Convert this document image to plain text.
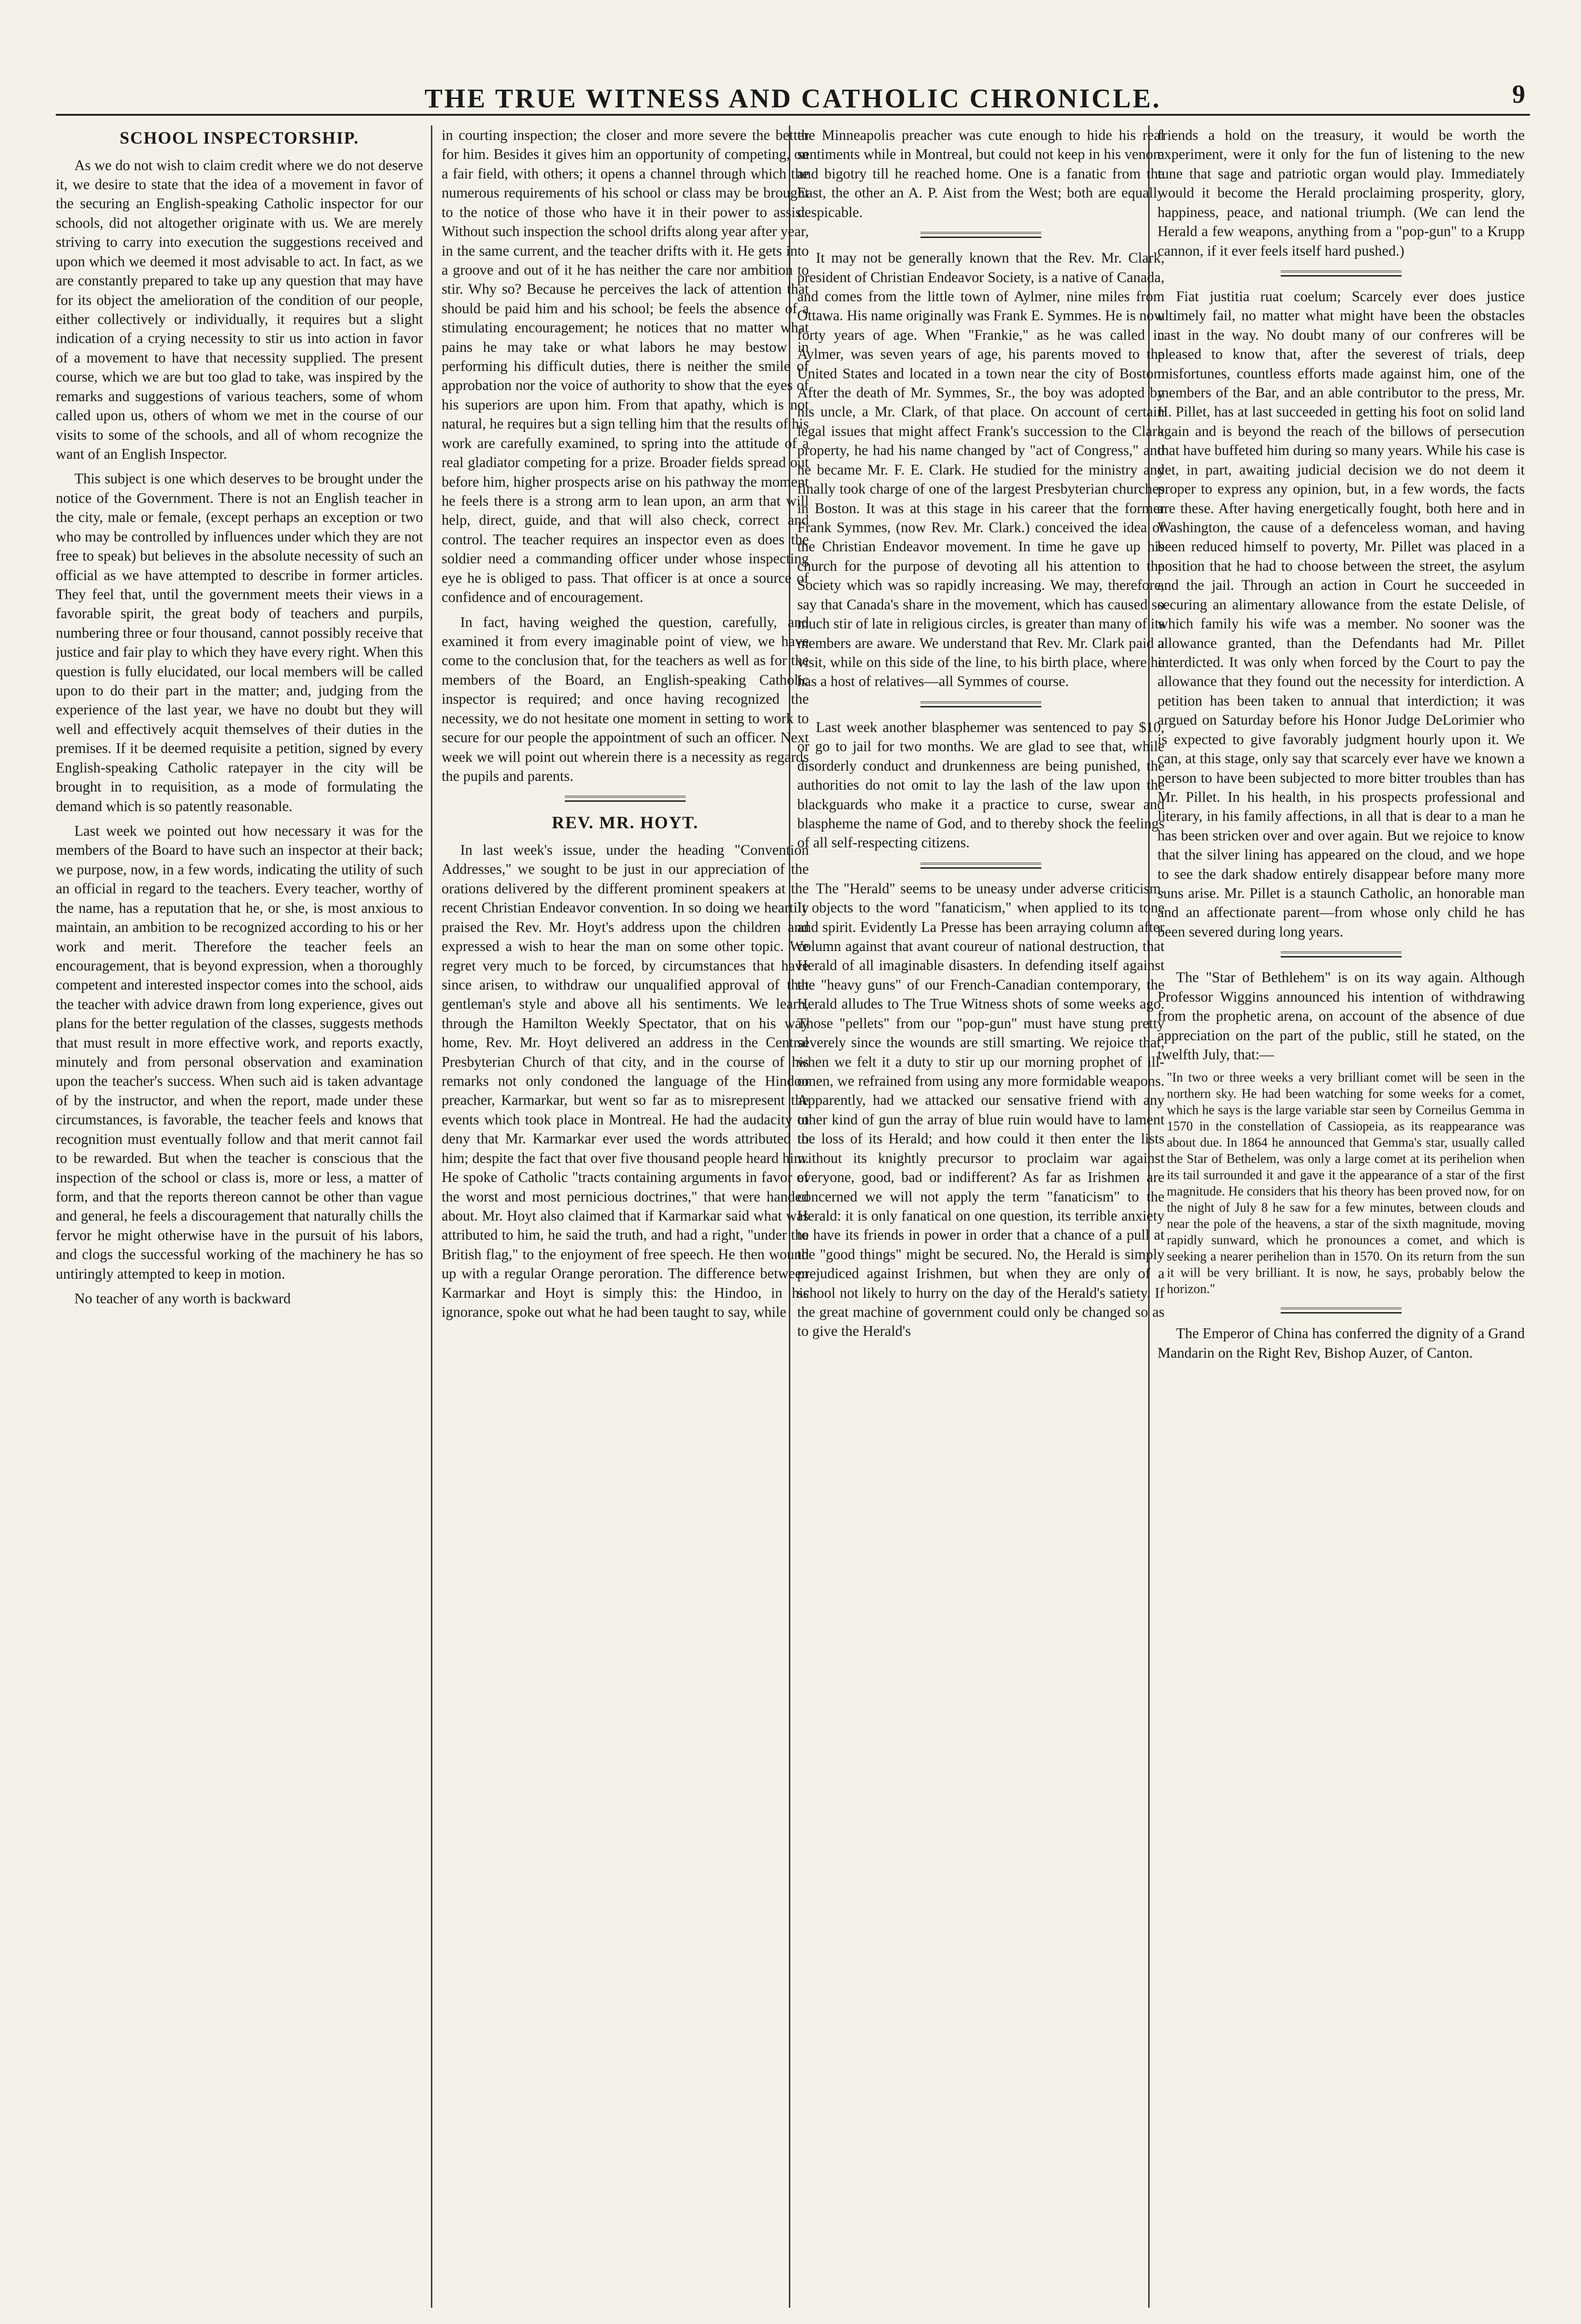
THE TRUE WITNESS AND CATHOLIC CHRONICLE.	9
SCHOOL INSPECTORSHIP.

As we do not wish to claim credit where we do not deserve it, we desire to state that the idea of a movement in favor of the securing an English-speaking Catholic inspector for our schools, did not altogether originate with us. We are merely striving to carry into execution the suggestions received and upon which we deemed it most advisable to act. In fact, as we are constantly prepared to take up any question that may have for its object the amelioration of the condition of our people, either collectively or individually, it requires but a slight indication of a crying necessity to stir us into action in favor of a movement to have that necessity supplied. The present course, which we are but too glad to take, was inspired by the remarks and suggestions of various teachers, some of whom called upon us, others of whom we met in the course of our visits to some of the schools, and all of whom recognize the want of an English Inspector.

This subject is one which deserves to be brought under the notice of the Government. There is not an English teacher in the city, male or female, (except perhaps an exception or two who may be controlled by influences under which they are not free to speak) but believes in the absolute necessity of such an official as we have attempted to describe in former articles. They feel that, until the government meets their views in a favorable spirit, the great body of teachers and purpils, numbering three or four thousand, cannot possibly receive that justice and fair play to which they have every right. When this question is fully elucidated, our local members will be called upon to do their part in the matter; and, judging from the experience of the last year, we have no doubt but they will well and effectively acquit themselves of their duties in the premises. If it be deemed requisite a petition, signed by every English-speaking Catholic ratepayer in the city will be brought in to requisition, as a mode of formulating the demand which is so patently reasonable.

Last week we pointed out how necessary it was for the members of the Board to have such an inspector at their back; we purpose, now, in a few words, indicating the utility of such an official in regard to the teachers. Every teacher, worthy of the name, has a reputation that he, or she, is most anxious to maintain, an ambition to be recognized according to his or her work and merit. Therefore the teacher feels an encouragement, that is beyond expression, when a thoroughly competent and interested inspector comes into the school, aids the teacher with advice drawn from long experience, gives out plans for the better regulation of the classes, suggests methods that must result in more effective work, and reports exactly, minutely and from personal observation and examination upon the teacher's success. When such aid is taken advantage of by the instructor, and when the report, made under these circumstances, is favorable, the teacher feels and knows that recognition must eventually follow and that merit cannot fail to be rewarded. But when the teacher is conscious that the inspection of the school or class is, more or less, a matter of form, and that the reports thereon cannot be other than vague and general, he feels a discouragement that naturally chills the fervor he might otherwise have in the pursuit of his labors, and clogs the successful working of the machinery he has so untiringly attempted to keep in motion.

No teacher of any worth is backward

in courting inspection; the closer and more severe the better for him. Besides it gives him an opportunity of competing, on a fair field, with others; it opens a channel through which the numerous requirements of his school or class may be brought to the notice of those who have it in their power to assist. Without such inspection the school drifts along year after year, in the same current, and the teacher drifts with it. He gets into a groove and out of it he has neither the care nor ambition to stir. Why so? Because he perceives the lack of attention that should be paid him and his school; be feels the absence of a stimulating encouragement; he notices that no matter what pains he may take or what labors he may bestow in performing his difficult duties, there is neither the smile of approbation nor the voice of authority to show that the eyes of his superiors are upon him. From that apathy, which is not natural, he requires but a sign telling him that the results of his work are carefully examined, to spring into the attitude of a real gladiator competing for a prize. Broader fields spread out before him, higher prospects arise on his pathway the moment he feels there is a strong arm to lean upon, an arm that will help, direct, guide, and that will also check, correct and control. The teacher requires an inspector even as does the soldier need a commanding officer under whose inspecting eye he is obliged to pass. That officer is at once a source of confidence and of encouragement.

In fact, having weighed the question, carefully, and examined it from every imaginable point of view, we have come to the conclusion that, for the teachers as well as for the members of the Board, an English-speaking Catholic inspector is required; and once having recognized the necessity, we do not hesitate one moment in setting to work to secure for our people the appointment of such an officer. Next week we will point out wherein there is a necessity as regards the pupils and parents.

REV. MR. HOYT.

In last week's issue, under the heading "Convention Addresses," we sought to be just in our appreciation of the orations delivered by the different prominent speakers at the recent Christian Endeavor convention. In so doing we heartily praised the Rev. Mr. Hoyt's address upon the children and expressed a wish to hear the man on some other topic. We regret very much to be forced, by circumstances that have since arisen, to withdraw our unqualified approval of that gentleman's style and above all his sentiments. We learn, through the Hamilton Weekly Spectator, that on his way home, Rev. Mr. Hoyt delivered an address in the Central Presbyterian Church of that city, and in the course of his remarks not only condoned the language of the Hindoo preacher, Karmarkar, but went so far as to misrepresent the events which took place in Montreal. He had the audacity to deny that Mr. Karmarkar ever used the words attributed to him; despite the fact that over five thousand people heard him. He spoke of Catholic "tracts containing arguments in favor of the worst and most pernicious doctrines," that were handed about. Mr. Hoyt also claimed that if Karmarkar said what was attributed to him, he said the truth, and had a right, "under the British flag," to the enjoyment of free speech. He then wound up with a regular Orange peroration. The difference between Karmarkar and Hoyt is simply this: the Hindoo, in his ignorance, spoke out what he had been taught to say, while

the Minneapolis preacher was cute enough to hide his real sentiments while in Montreal, but could not keep in his venom and bigotry till he reached home. One is a fanatic from the East, the other an A. P. Aist from the West; both are equally despicable.

It may not be generally known that the Rev. Mr. Clark, president of Christian Endeavor Society, is a native of Canada, and comes from the little town of Aylmer, nine miles from Ottawa. His name originally was Frank E. Symmes. He is now forty years of age. When "Frankie," as he was called in Aylmer, was seven years of age, his parents moved to the United States and located in a town near the city of Boston. After the death of Mr. Symmes, Sr., the boy was adopted by his uncle, a Mr. Clark, of that place. On account of certain legal issues that might affect Frank's succession to the Clark property, he had his name changed by "act of Congress," and he became Mr. F. E. Clark. He studied for the ministry and finally took charge of one of the largest Presbyterian churches in Boston. It was at this stage in his career that the former Frank Symmes, (now Rev. Mr. Clark.) conceived the idea of the Christian Endeavor movement. In time he gave up his church for the purpose of devoting all his attention to the Society which was so rapidly increasing. We may, therefore, say that Canada's share in the movement, which has caused so much stir of late in religious circles, is greater than many of its members are aware. We understand that Rev. Mr. Clark paid a visit, while on this side of the line, to his birth place, where he has a host of relatives—all Symmes of course.

Last week another blasphemer was sentenced to pay $10, or go to jail for two months. We are glad to see that, while disorderly conduct and drunkenness are being punished, the authorities do not omit to lay the lash of the law upon the blackguards who make it a practice to curse, swear and blaspheme the name of God, and to thereby shock the feelings of all self-respecting citizens.

The "Herald" seems to be uneasy under adverse criticism. It objects to the word "fanaticism," when applied to its tone and spirit. Evidently La Presse has been arraying column after column against that avant coureur of national destruction, that Herald of all imaginable disasters. In defending itself against the "heavy guns" of our French-Canadian contemporary, the Herald alludes to The True Witness shots of some weeks ago. Those "pellets" from our "pop-gun" must have stung pretty severely since the wounds are still smarting. We rejoice that, when we felt it a duty to stir up our morning prophet of ill-omen, we refrained from using any more formidable weapons. Apparently, had we attacked our sensative friend with any other kind of gun the array of blue ruin would have to lament the loss of its Herald; and how could it then enter the lists without its knightly precursor to proclaim war against everyone, good, bad or indifferent? As far as Irishmen are concerned we will not apply the term "fanaticism" to the Herald: it is only fanatical on one question, its terrible anxiety to have its friends in power in order that a chance of a pull at the "good things" might be secured. No, the Herald is simply prejudiced against Irishmen, but when they are only of a school not likely to hurry on the day of the Herald's satiety. If the great machine of government could only be changed so as to give the Herald's

friends a hold on the treasury, it would be worth the experiment, were it only for the fun of listening to the new tune that sage and patriotic organ would play. Immediately would it become the Herald proclaiming prosperity, glory, happiness, peace, and national triumph. (We can lend the Herald a few weapons, anything from a "pop-gun" to a Krupp cannon, if it ever feels itself hard pushed.)

Fiat justitia ruat coelum; Scarcely ever does justice ultimely fail, no matter what might have been the obstacles cast in the way. No doubt many of our confreres will be pleased to know that, after the severest of trials, deep misfortunes, countless efforts made against him, one of the members of the Bar, and an able contributor to the press, Mr. H. Pillet, has at last succeeded in getting his foot on solid land again and is beyond the reach of the billows of persecution that have buffeted him during so many years. While his case is yet, in part, awaiting judicial decision we do not deem it proper to express any opinion, but, in a few words, the facts are these. After having energetically fought, both here and in Washington, the cause of a defenceless woman, and having been reduced himself to poverty, Mr. Pillet was placed in a position that he had to choose between the street, the asylum and the jail. Through an action in Court he succeeded in securing an alimentary allowance from the estate Delisle, of which family his wife was a member. No sooner was the allowance granted, than the Defendants had Mr. Pillet interdicted. It was only when forced by the Court to pay the allowance that they found out the necessity for interdiction. A petition has been taken to annual that interdiction; it was argued on Saturday before his Honor Judge DeLorimier who is expected to give favorably judgment hourly upon it. We can, at this stage, only say that scarcely ever have we known a person to have been subjected to more bitter troubles than has Mr. Pillet. In his health, in his prospects professional and literary, in his family affections, in all that is dear to a man he has been stricken over and over again. But we rejoice to know that the silver lining has appeared on the cloud, and we hope to see the dark shadow entirely disappear before many more suns arise. Mr. Pillet is a staunch Catholic, an honorable man and an affectionate parent—from whose only child he has been severed during long years.

The "Star of Bethlehem" is on its way again. Although Professor Wiggins announced his intention of withdrawing from the prophetic arena, on account of the absence of due appreciation on the part of the public, still he stated, on the twelfth July, that:—

"In two or three weeks a very brilliant comet will be seen in the northern sky. He had been watching for some weeks for a comet, which he says is the large variable star seen by Corneilus Gemma in 1570 in the constellation of Cassiopeia, as its reappearance was about due. In 1864 he announced that Gemma's star, usually called the Star of Bethelem, was only a large comet at its perihelion when its tail surrounded it and gave it the appearance of a star of the first magnitude. He considers that his theory has been proved now, for on the night of July 8 he saw for a few minutes, between clouds and near the pole of the heavens, a star of the sixth magnitude, moving rapidly sunward, which he pronounces a comet, and which is seeking a nearer perihelion than in 1570. On its return from the sun it will be very brilliant. It is now, he says, probably below the horizon."

The Emperor of China has conferred the dignity of a Grand Mandarin on the Right Rev, Bishop Auzer, of Canton.
